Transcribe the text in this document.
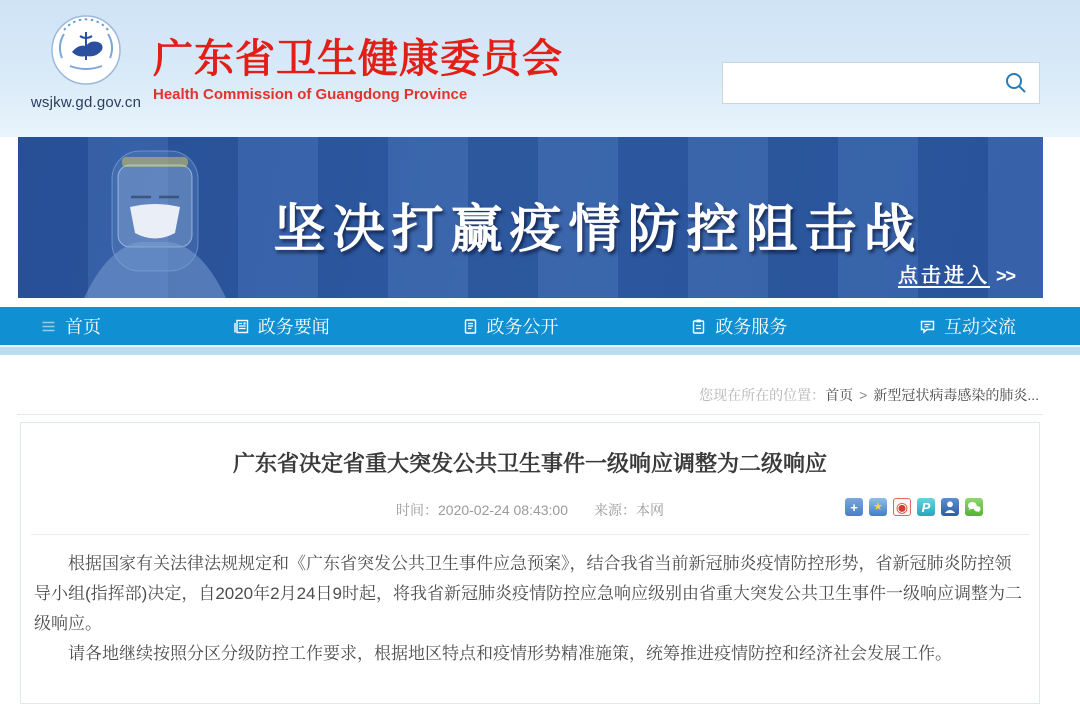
wsjkw.gd.gov.cn
广东省卫生健康委员会
Health Commission of Guangdong Province
坚决打赢疫情防控阻击战
点击进入 >>
首页	政务要闻	政务公开	政务服务	互动交流
您现在所在的位置：首页 > 新型冠状病毒感染的肺炎...
广东省决定省重大突发公共卫生事件一级响应调整为二级响应
时间：2020-02-24 08:43:00 来源：本网	+	★ ◉	P

根据国家有关法律法规规定和《广东省突发公共卫生事件应急预案》，结合我省当前新冠肺炎疫情防控形势，省新冠肺炎防控领导小组(指挥部)决定，自2020年2月24日9时起，将我省新冠肺炎疫情防控应急响应级别由省重大突发公共卫生事件一级响应调整为二级响应。

请各地继续按照分区分级防控工作要求，根据地区特点和疫情形势精准施策，统筹推进疫情防控和经济社会发展工作。
